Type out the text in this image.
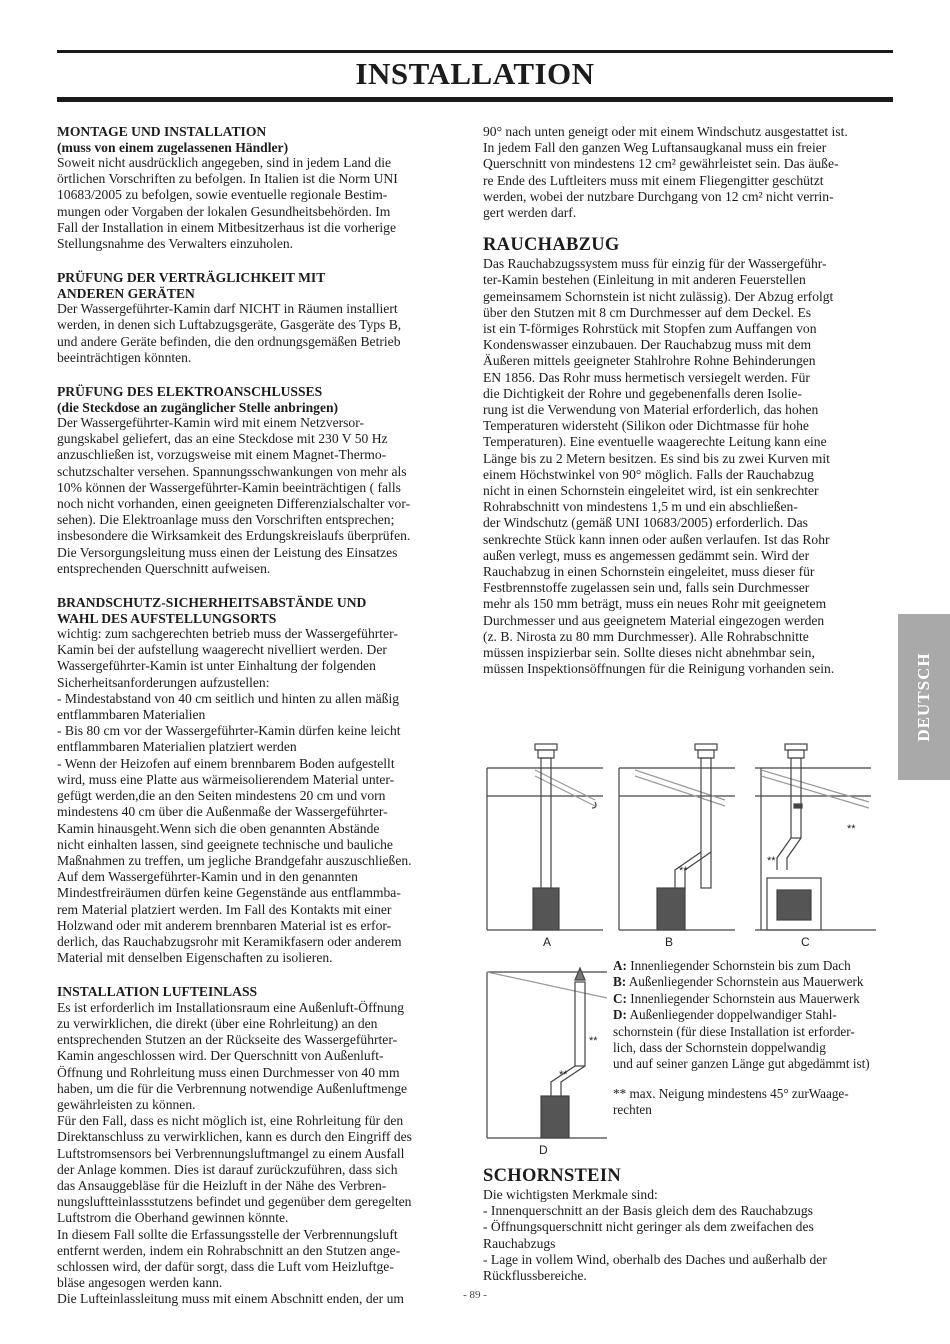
INSTALLATION
MONTAGE UND INSTALLATION
(muss von einem zugelassenen Händler)

Soweit nicht ausdrücklich angegeben, sind in jedem Land die
örtlichen Vorschriften zu befolgen. In Italien ist die Norm UNI
10683/2005 zu befolgen, sowie eventuelle regionale Bestim-
mungen oder Vorgaben der lokalen Gesundheitsbehörden. Im
Fall der Installation in einem Mitbesitzerhaus ist die vorherige
Stellungsnahme des Verwalters einzuholen.

PRÜFUNG DER VERTRÄGLICHKEIT MIT
ANDEREN GERÄTEN

Der Wassergeführter-Kamin darf NICHT in Räumen installiert
werden, in denen sich Luftabzugsgeräte, Gasgeräte des Typs B,
und andere Geräte befinden, die den ordnungsgemäßen Betrieb
beeinträchtigen könnten.

PRÜFUNG DES ELEKTROANSCHLUSSES
(die Steckdose an zugänglicher Stelle anbringen)

Der Wassergeführter-Kamin wird mit einem Netzversor-
gungskabel geliefert, das an eine Steckdose mit 230 V 50 Hz
anzuschließen ist, vorzugsweise mit einem Magnet-Thermo-
schutzschalter versehen. Spannungsschwankungen von mehr als
10% können der Wassergeführter-Kamin beeinträchtigen ( falls
noch nicht vorhanden, einen geeigneten Differenzialschalter vor-
sehen). Die Elektroanlage muss den Vorschriften entsprechen;
insbesondere die Wirksamkeit des Erdungskreislaufs überprüfen.
Die Versorgungsleitung muss einen der Leistung des Einsatzes
entsprechenden Querschnitt aufweisen.

BRANDSCHUTZ-SICHERHEITSABSTÄNDE UND
WAHL DES AUFSTELLUNGSORTS

wichtig: zum sachgerechten betrieb muss der Wassergeführter-
Kamin bei der aufstellung waagerecht nivelliert werden. Der
Wassergeführter-Kamin ist unter Einhaltung der folgenden
Sicherheitsanforderungen aufzustellen:
- Mindestabstand von 40 cm seitlich und hinten zu allen mäßig
entflammbaren Materialien
- Bis 80 cm vor der Wassergeführter-Kamin dürfen keine leicht
entflammbaren Materialien platziert werden
- Wenn der Heizofen auf einem brennbarem Boden aufgestellt
wird, muss eine Platte aus wärmeisolierendem Material unter-
gefügt werden,die an den Seiten mindestens 20 cm und vorn
mindestens 40 cm über die Außenmaße der Wassergeführter-
Kamin hinausgeht.Wenn sich die oben genannten Abstände
nicht einhalten lassen, sind geeignete technische und bauliche
Maßnahmen zu treffen, um jegliche Brandgefahr auszuschließen.
Auf dem Wassergeführter-Kamin und in den genannten
Mindestfreiräumen dürfen keine Gegenstände aus entflammba-
rem Material platziert werden. Im Fall des Kontakts mit einer
Holzwand oder mit anderem brennbaren Material ist es erfor-
derlich, das Rauchabzugsrohr mit Keramikfasern oder anderem
Material mit denselben Eigenschaften zu isolieren.

INSTALLATION LUFTEINLASS

Es ist erforderlich im Installationsraum eine Außenluft-Öffnung
zu verwirklichen, die direkt (über eine Rohrleitung) an den
entsprechenden Stutzen an der Rückseite des Wassergeführter-
Kamin angeschlossen wird. Der Querschnitt von Außenluft-
Öffnung und Rohrleitung muss einen Durchmesser von 40 mm
haben, um die für die Verbrennung notwendige Außenluftmenge
gewährleisten zu können.
Für den Fall, dass es nicht möglich ist, eine Rohrleitung für den
Direktanschluss zu verwirklichen, kann es durch den Eingriff des
Luftstromsensors bei Verbrennungsluftmangel zu einem Ausfall
der Anlage kommen. Dies ist darauf zurückzuführen, dass sich
das Ansauggebläse für die Heizluft in der Nähe des Verbren-
nungsluftteinlassstutzens befindet und gegenüber dem geregelten
Luftstrom die Oberhand gewinnen könnte.
In diesem Fall sollte die Erfassungsstelle der Verbrennungsluft
entfernt werden, indem ein Rohrabschnitt an den Stutzen ange-
schlossen wird, der dafür sorgt, dass die Luft vom Heizluftge-
bläse angesogen werden kann.
Die Lufteinlassleitung muss mit einem Abschnitt enden, der um

90° nach unten geneigt oder mit einem Windschutz ausgestattet ist.
In jedem Fall den ganzen Weg Luftansaugkanal muss ein freier
Querschnitt von mindestens 12 cm² gewährleistet sein. Das äuße-
re Ende des Luftleiters muss mit einem Fliegengitter geschützt
werden, wobei der nutzbare Durchgang von 12 cm² nicht verrin-
gert werden darf.

RAUCHABZUG

Das Rauchabzugssystem muss für einzig für der Wassergeführ-
ter-Kamin bestehen (Einleitung in mit anderen Feuerstellen
gemeinsamem Schornstein ist nicht zulässig). Der Abzug erfolgt
über den Stutzen mit 8 cm Durchmesser auf dem Deckel. Es
ist ein T-förmiges Rohrstück mit Stopfen zum Auffangen von
Kondenswasser einzubauen. Der Rauchabzug muss mit dem
Äußeren mittels geeigneter Stahlrohre Rohne Behinderungen
EN 1856. Das Rohr muss hermetisch versiegelt werden. Für
die Dichtigkeit der Rohre und gegebenenfalls deren Isolie-
rung ist die Verwendung von Material erforderlich, das hohen
Temperaturen widersteht (Silikon oder Dichtmasse für hohe
Temperaturen). Eine eventuelle waagerechte Leitung kann eine
Länge bis zu 2 Metern besitzen. Es sind bis zu zwei Kurven mit
einem Höchstwinkel von 90° möglich. Falls der Rauchabzug
nicht in einen Schornstein eingeleitet wird, ist ein senkrechter
Rohrabschnitt von mindestens 1,5 m und ein abschließen-
der Windschutz (gemäß UNI 10683/2005) erforderlich. Das
senkrechte Stück kann innen oder außen verlaufen. Ist das Rohr
außen verlegt, muss es angemessen gedämmt sein. Wird der
Rauchabzug in einen Schornstein eingeleitet, muss dieser für
Festbrennstoffe zugelassen sein und, falls sein Durchmesser
mehr als 150 mm beträgt, muss ein neues Rohr mit geeignetem
Durchmesser und aus geeignetem Material eingezogen werden
(z. B. Nirosta zu 80 mm Durchmesser). Alle Rohrabschnitte
müssen inspizierbar sein. Sollte dieses nicht abnehmbar sein,
müssen Inspektionsöffnungen für die Reinigung vorhanden sein.	DEUTSCH
A	B	C
**
**
**
D
**
**
A: Innenliegender Schornstein bis zum Dach
B: Außenliegender Schornstein aus Mauerwerk
C: Innenliegender Schornstein aus Mauerwerk
D: Außenliegender doppelwandiger Stahl-
schornstein (für diese Installation ist erforder-
lich, dass der Schornstein doppelwandig
und auf seiner ganzen Länge gut abgedämmt ist)
** max. Neigung mindestens 45° zurWaage-
rechten
SCHORNSTEIN

Die wichtigsten Merkmale sind:
- Innenquerschnitt an der Basis gleich dem des Rauchabzugs
- Öffnungsquerschnitt nicht geringer als dem zweifachen des
Rauchabzugs
- Lage in vollem Wind, oberhalb des Daches und außerhalb der
Rückflussbereiche.

- 89 -
